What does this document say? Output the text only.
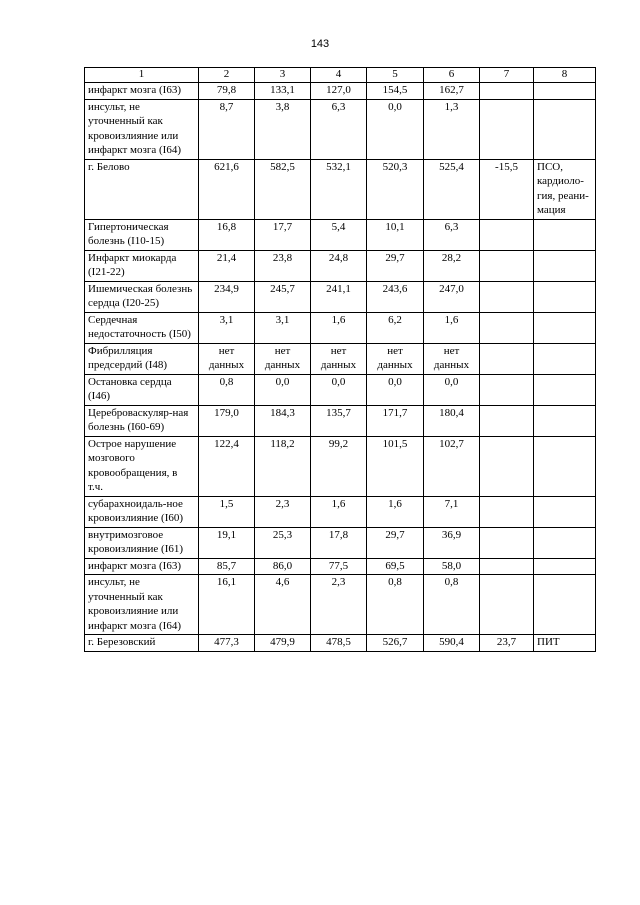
143
1	2	3	4	5	6	7	8
инфаркт мозга (I63)	79,8	133,1	127,0	154,5	162,7		
инсульт, не уточненный как кровоизлияние или инфаркт мозга (I64)	8,7	3,8	6,3	0,0	1,3		
г. Белово	621,6	582,5	532,1	520,3	525,4	-15,5	ПСО, кардиоло-гия, реани-мация
Гипертоническая болезнь (I10-15)	16,8	17,7	5,4	10,1	6,3		
Инфаркт миокарда (I21-22)	21,4	23,8	24,8	29,7	28,2		
Ишемическая болезнь сердца (I20-25)	234,9	245,7	241,1	243,6	247,0		
Сердечная недостаточность (I50)	3,1	3,1	1,6	6,2	1,6		
Фибрилляция предсердий (I48)	нет данных	нет данных	нет данных	нет данных	нет данных		
Остановка сердца (I46)	0,8	0,0	0,0	0,0	0,0		
Цереброваскуляр-ная болезнь (I60-69)	179,0	184,3	135,7	171,7	180,4		
Острое нарушение мозгового кровообращения, в т.ч.	122,4	118,2	99,2	101,5	102,7		
субарахноидаль-ное кровоизлияние (I60)	1,5	2,3	1,6	1,6	7,1		
внутримозговое кровоизлияние (I61)	19,1	25,3	17,8	29,7	36,9		
инфаркт мозга (I63)	85,7	86,0	77,5	69,5	58,0		
инсульт, не уточненный как кровоизлияние или инфаркт мозга (I64)	16,1	4,6	2,3	0,8	0,8		
г. Березовский	477,3	479,9	478,5	526,7	590,4	23,7	ПИТ
